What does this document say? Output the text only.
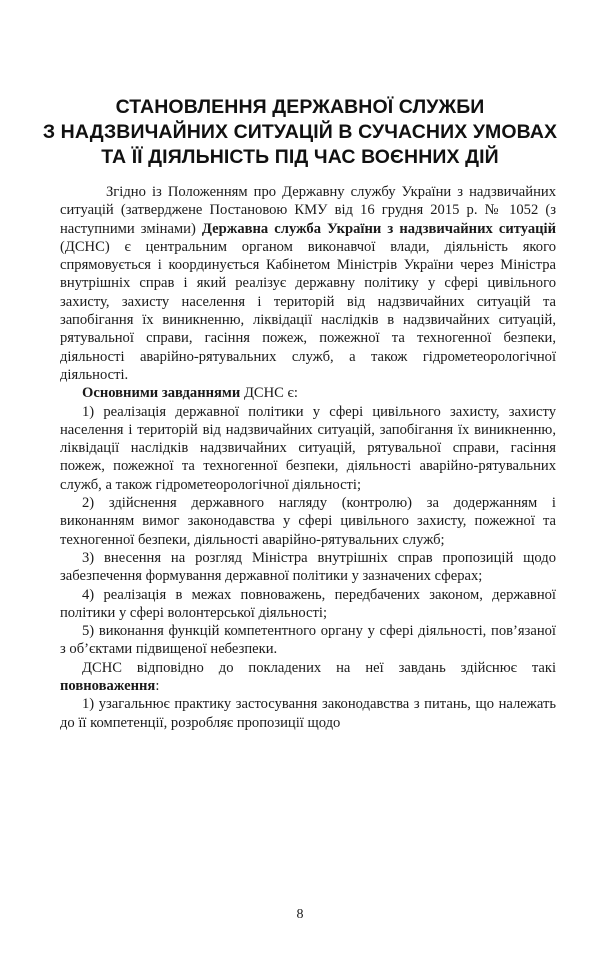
СТАНОВЛЕННЯ ДЕРЖАВНОЇ СЛУЖБИ
З НАДЗВИЧАЙНИХ СИТУАЦІЙ В СУЧАСНИХ УМОВАХ
ТА ЇЇ ДІЯЛЬНІСТЬ ПІД ЧАС ВОЄННИХ ДІЙ

Згідно із Положенням про Державну службу України з надзвичайних ситуацій (затверджене Постановою КМУ від 16 грудня 2015 р. № 1052 (з наступними змінами) Державна служба України з надзвичайних ситуацій (ДСНС) є центральним органом виконавчої влади, діяльність якого спрямовується і координується Кабінетом Міністрів України через Міністра внутрішніх справ і який реалізує державну політику у сфері цивільного захисту, захисту населення і територій від надзвичайних ситуацій та запобігання їх виникненню, ліквідації наслідків в надзвичайних ситуацій, рятувальної справи, гасіння пожеж, пожежної та техногенної безпеки, діяльності аварійно-рятувальних служб, а також гідрометеорологічної діяльності.

Основними завданнями ДСНС є:

1) реалізація державної політики у сфері цивільного захисту, захисту населення і територій від надзвичайних ситуацій, запобігання їх виникненню, ліквідації наслідків надзвичайних ситуацій, рятувальної справи, гасіння пожеж, пожежної та техногенної безпеки, діяльності аварійно-рятувальних служб, а також гідрометеорологічної діяльності;

2) здійснення державного нагляду (контролю) за додержанням і виконанням вимог законодавства у сфері цивільного захисту, пожежної та техногенної безпеки, діяльності аварійно-рятувальних служб;

3) внесення на розгляд Міністра внутрішніх справ пропозицій щодо забезпечення формування державної політики у зазначених сферах;

4) реалізація в межах повноважень, передбачених законом, державної політики у сфері волонтерської діяльності;

5) виконання функцій компетентного органу у сфері діяльності, пов’язаної з об’єктами підвищеної небезпеки.

ДСНС відповідно до покладених на неї завдань здійснює такі повноваження:

1) узагальнює практику застосування законодавства з питань, що належать до її компетенції, розробляє пропозиції щодо

8
